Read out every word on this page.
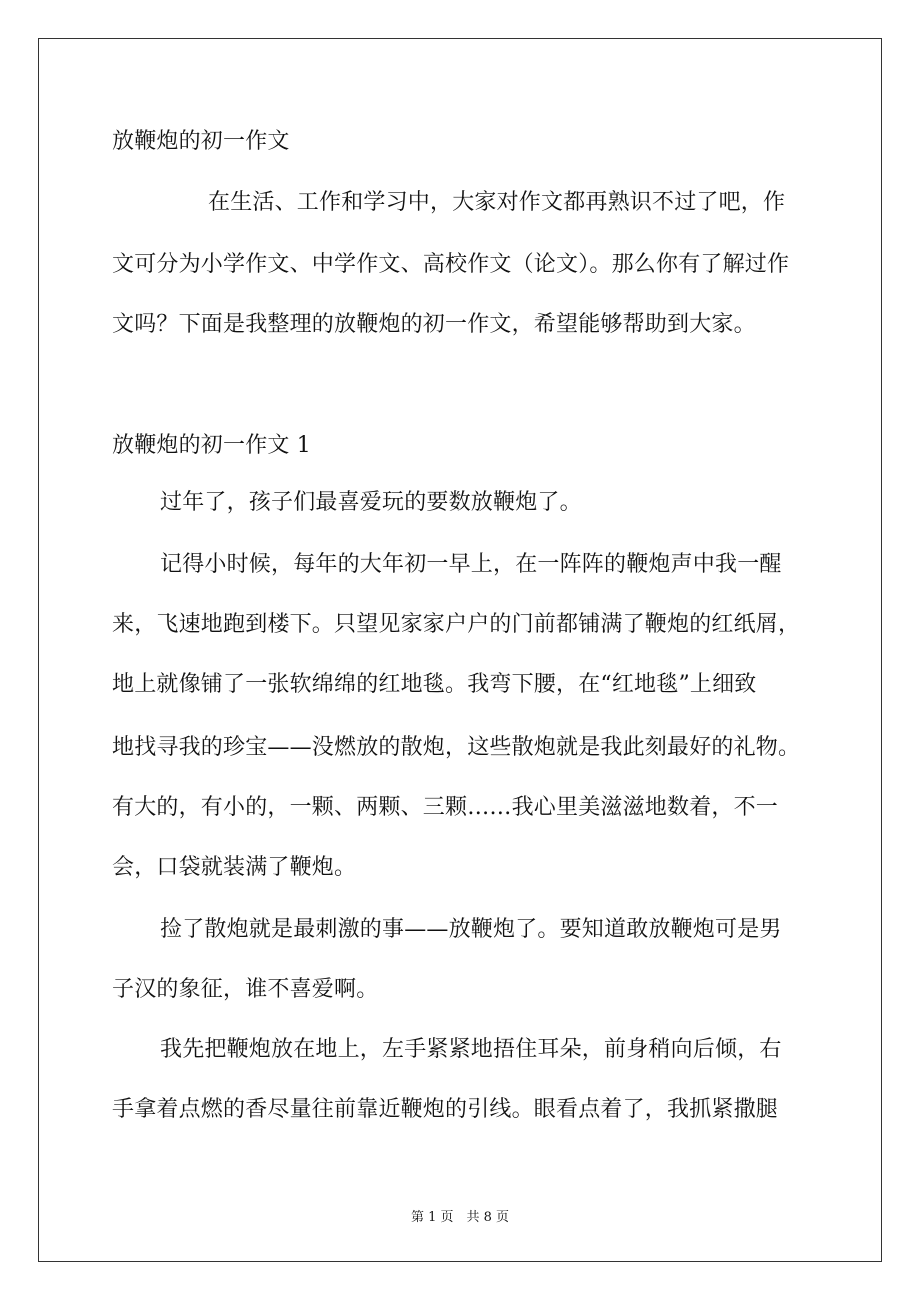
放鞭炮的初一作文
在生活、工作和学习中，大家对作文都再熟识不过了吧，作
文可分为小学作文、中学作文、高校作文（论文）。那么你有了解过作
文吗？下面是我整理的放鞭炮的初一作文，希望能够帮助到大家。
放鞭炮的初一作文 1
过年了，孩子们最喜爱玩的要数放鞭炮了。
记得小时候，每年的大年初一早上，在一阵阵的鞭炮声中我一醒
来，飞速地跑到楼下。只望见家家户户的门前都铺满了鞭炮的红纸屑，
地上就像铺了一张软绵绵的红地毯。我弯下腰，在“红地毯”上细致
地找寻我的珍宝——没燃放的散炮，这些散炮就是我此刻最好的礼物。
有大的，有小的，一颗、两颗、三颗……我心里美滋滋地数着，不一
会，口袋就装满了鞭炮。
捡了散炮就是最刺激的事——放鞭炮了。要知道敢放鞭炮可是男
子汉的象征，谁不喜爱啊。
我先把鞭炮放在地上，左手紧紧地捂住耳朵，前身稍向后倾，右
手拿着点燃的香尽量往前靠近鞭炮的引线。眼看点着了，我抓紧撒腿
第 1 页　共 8 页
